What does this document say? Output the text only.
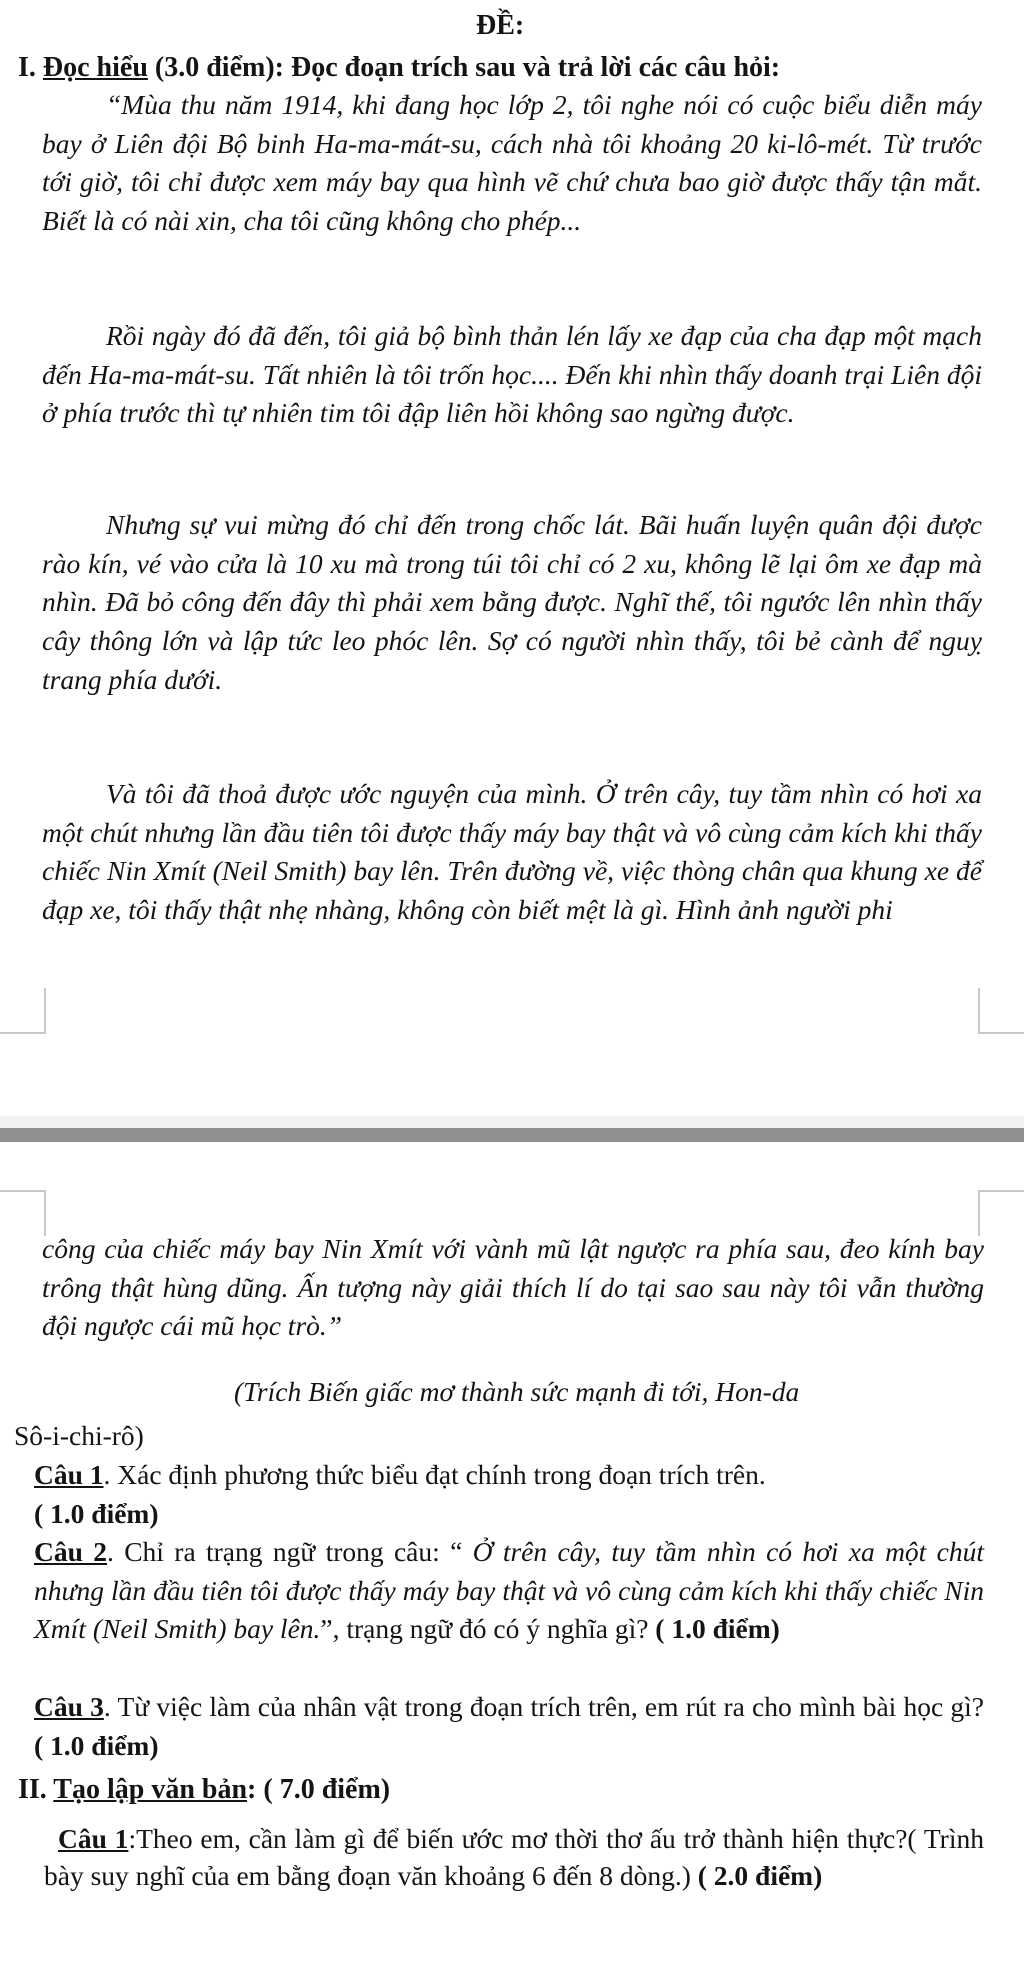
ĐỀ:
I. Đọc hiểu (3.0 điểm): Đọc đoạn trích sau và trả lời các câu hỏi:

“Mùa thu năm 1914, khi đang học lớp 2, tôi nghe nói có cuộc biểu diễn máy bay ở Liên đội Bộ binh Ha-ma-mát-su, cách nhà tôi khoảng 20 ki-lô-mét. Từ trước tới giờ, tôi chỉ được xem máy bay qua hình vẽ chứ chưa bao giờ được thấy tận mắt. Biết là có nài xin, cha tôi cũng không cho phép...

Rồi ngày đó đã đến, tôi giả bộ bình thản lén lấy xe đạp của cha đạp một mạch đến Ha-ma-mát-su. Tất nhiên là tôi trốn học.... Đến khi nhìn thấy doanh trại Liên đội ở phía trước thì tự nhiên tim tôi đập liên hồi không sao ngừng được.

Nhưng sự vui mừng đó chỉ đến trong chốc lát. Bãi huấn luyện quân đội được rào kín, vé vào cửa là 10 xu mà trong túi tôi chỉ có 2 xu, không lẽ lại ôm xe đạp mà nhìn. Đã bỏ công đến đây thì phải xem bằng được. Nghĩ thế, tôi ngước lên nhìn thấy cây thông lớn và lập tức leo phóc lên. Sợ có người nhìn thấy, tôi bẻ cành để nguỵ trang phía dưới.

Và tôi đã thoả được ước nguyện của mình. Ở trên cây, tuy tầm nhìn có hơi xa một chút nhưng lần đầu tiên tôi được thấy máy bay thật và vô cùng cảm kích khi thấy chiếc Nin Xmít (Neil Smith) bay lên. Trên đường về, việc thòng chân qua khung xe để đạp xe, tôi thấy thật nhẹ nhàng, không còn biết mệt là gì. Hình ảnh người phi

công của chiếc máy bay Nin Xmít với vành mũ lật ngược ra phía sau, đeo kính bay trông thật hùng dũng. Ấn tượng này giải thích lí do tại sao sau này tôi vẫn thường đội ngược cái mũ học trò.”

(Trích Biến giấc mơ thành sức mạnh đi tới, Hon-da
Sô-i-chi-rô)

Câu 1. Xác định phương thức biểu đạt chính trong đoạn trích trên.
( 1.0 điểm)

Câu 2. Chỉ ra trạng ngữ trong câu: “ Ở trên cây, tuy tầm nhìn có hơi xa một chút nhưng lần đầu tiên tôi được thấy máy bay thật và vô cùng cảm kích khi thấy chiếc Nin Xmít (Neil Smith) bay lên.”, trạng ngữ đó có ý nghĩa gì? ( 1.0 điểm)

Câu 3. Từ việc làm của nhân vật trong đoạn trích trên, em rút ra cho mình bài học gì? ( 1.0 điểm)

II. Tạo lập văn bản: ( 7.0 điểm)

Câu 1:Theo em, cần làm gì để biến ước mơ thời thơ ấu trở thành hiện thực?( Trình bày suy nghĩ của em bằng đoạn văn khoảng 6 đến 8 dòng.) ( 2.0 điểm)
